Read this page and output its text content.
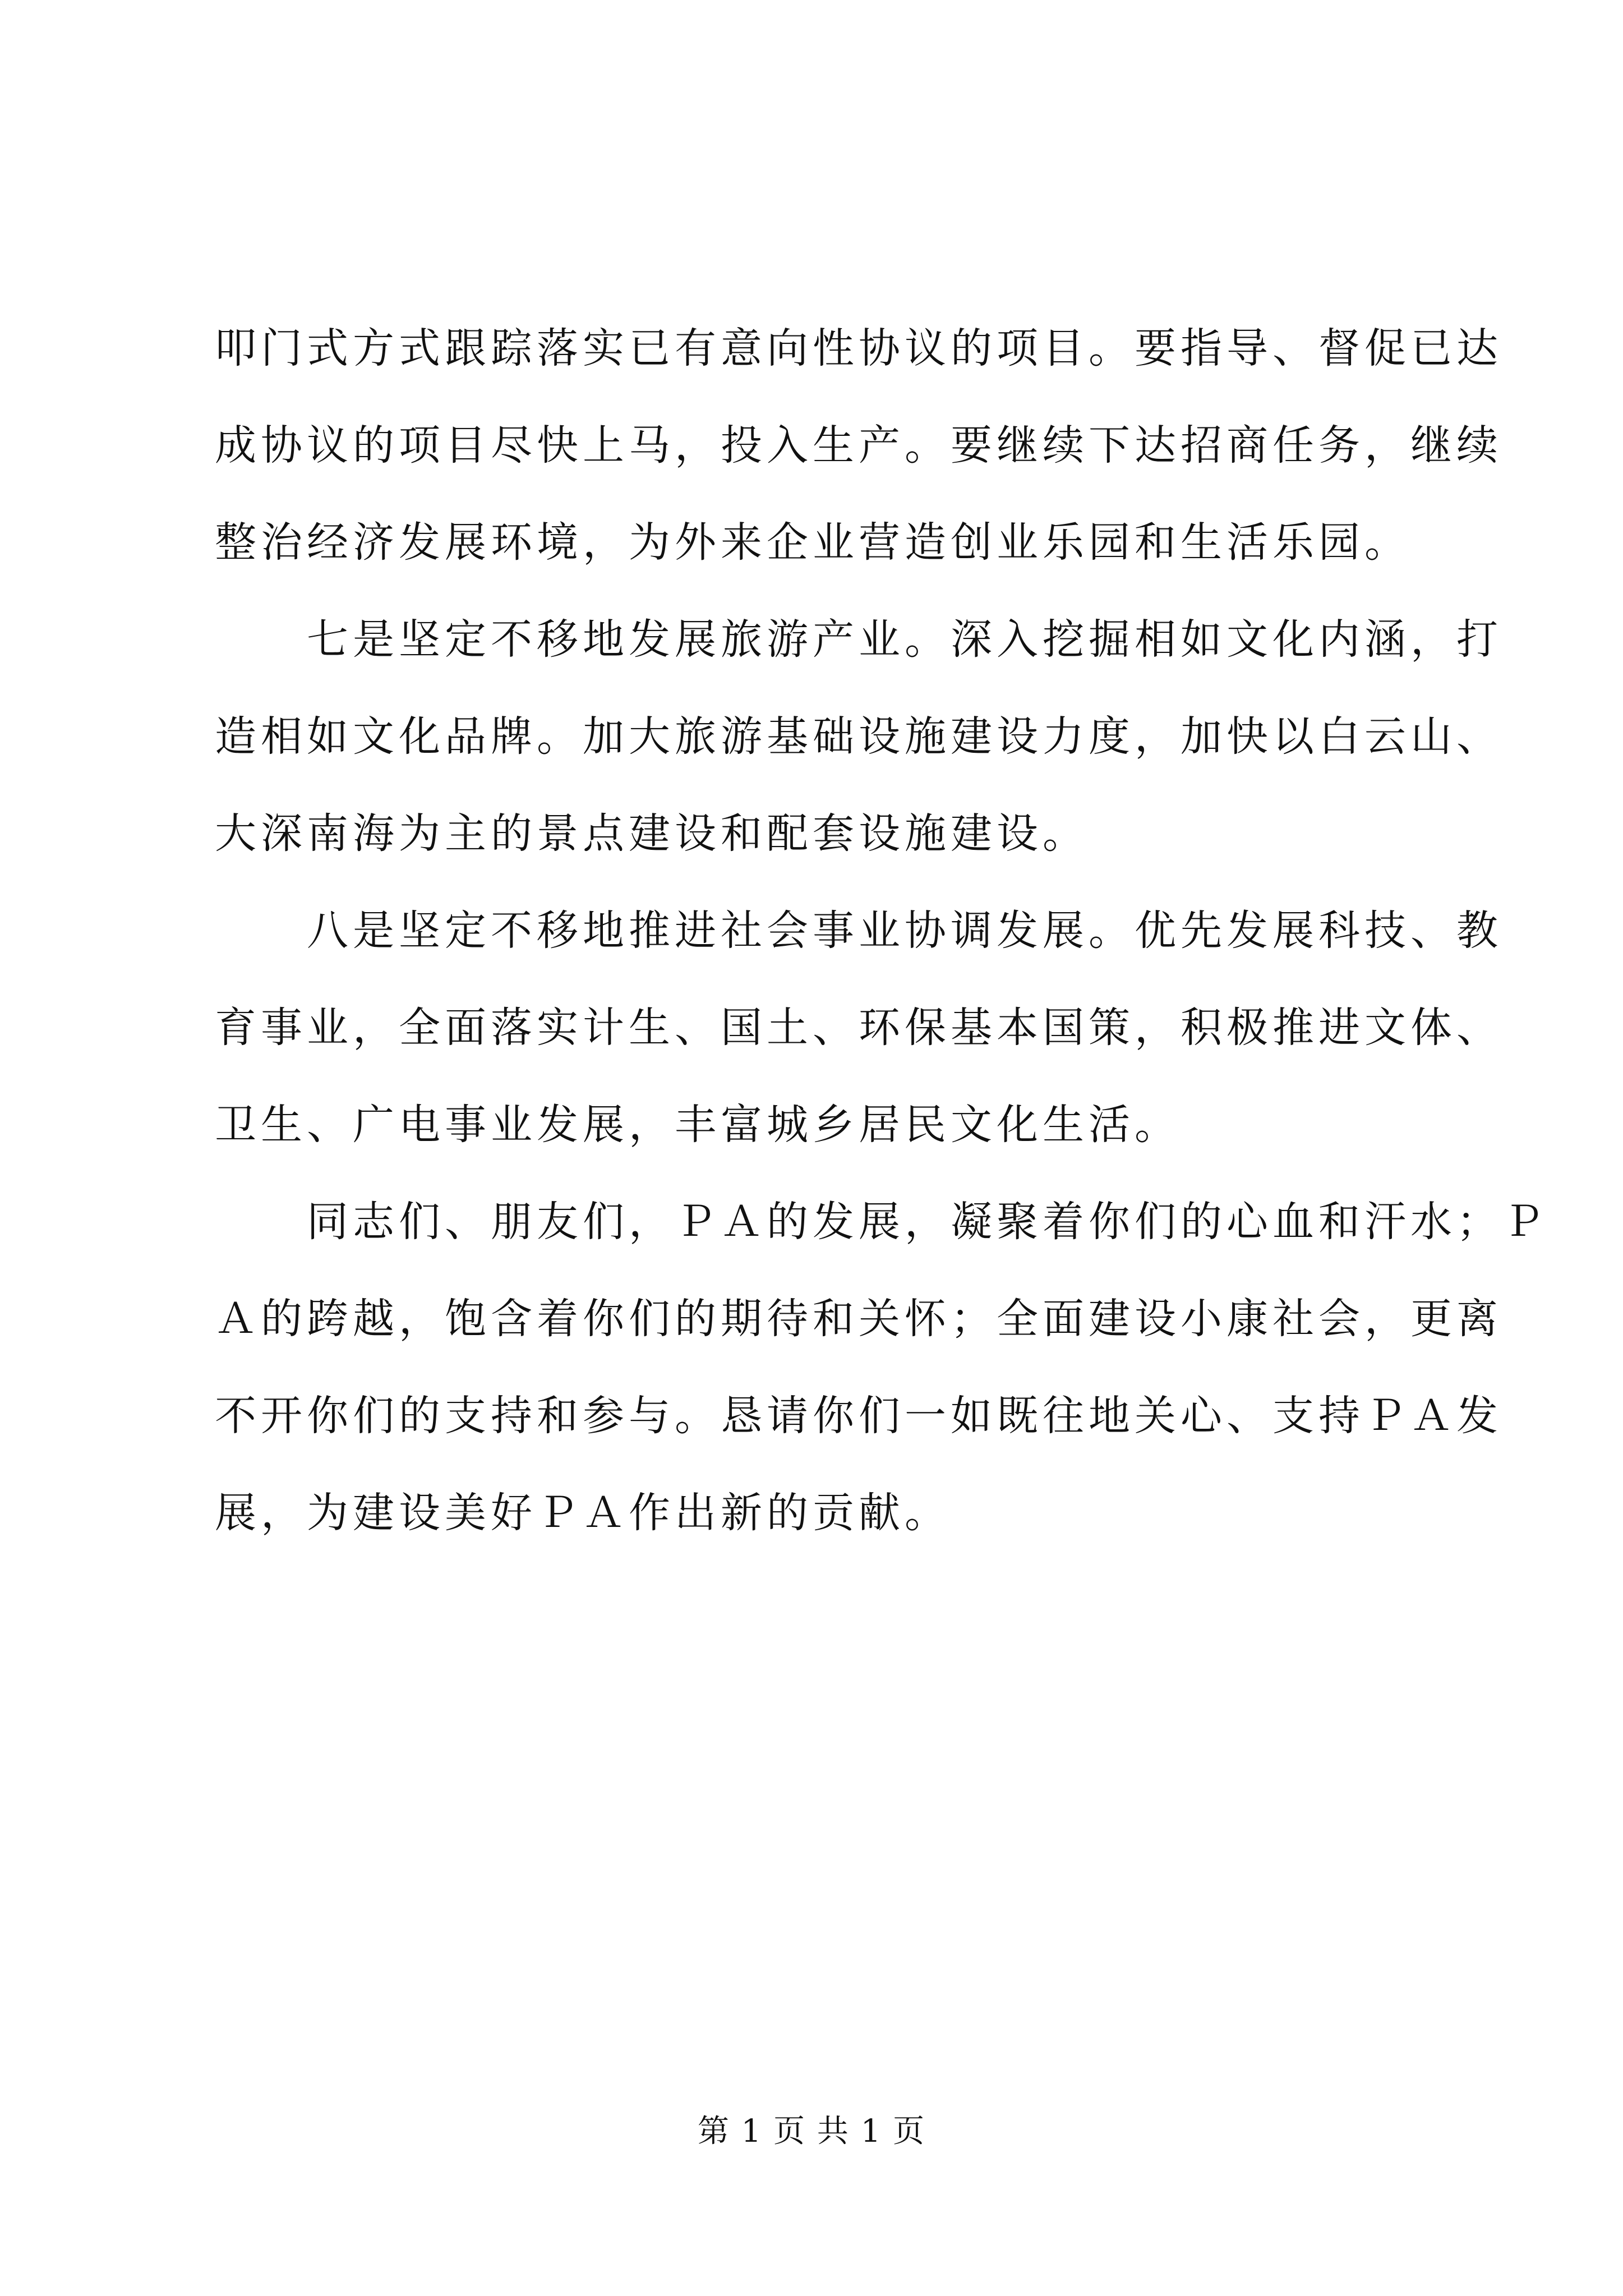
叩门式方式跟踪落实已有意向性协议的项目。要指导、督促已达
成协议的项目尽快上马，投入生产。要继续下达招商任务，继续
整治经济发展环境，为外来企业营造创业乐园和生活乐园。
　　七是坚定不移地发展旅游产业。深入挖掘相如文化内涵，打
造相如文化品牌。加大旅游基础设施建设力度，加快以白云山、
大深南海为主的景点建设和配套设施建设。
　　八是坚定不移地推进社会事业协调发展。优先发展科技、教
育事业，全面落实计生、国土、环保基本国策，积极推进文体、
卫生、广电事业发展，丰富城乡居民文化生活。
　　同志们、朋友们，ＰＡ的发展，凝聚着你们的心血和汗水；Ｐ
Ａ的跨越，饱含着你们的期待和关怀；全面建设小康社会，更离
不开你们的支持和参与。恳请你们一如既往地关心、支持ＰＡ发
展，为建设美好ＰＡ作出新的贡献。
第 1 页 共 1 页
